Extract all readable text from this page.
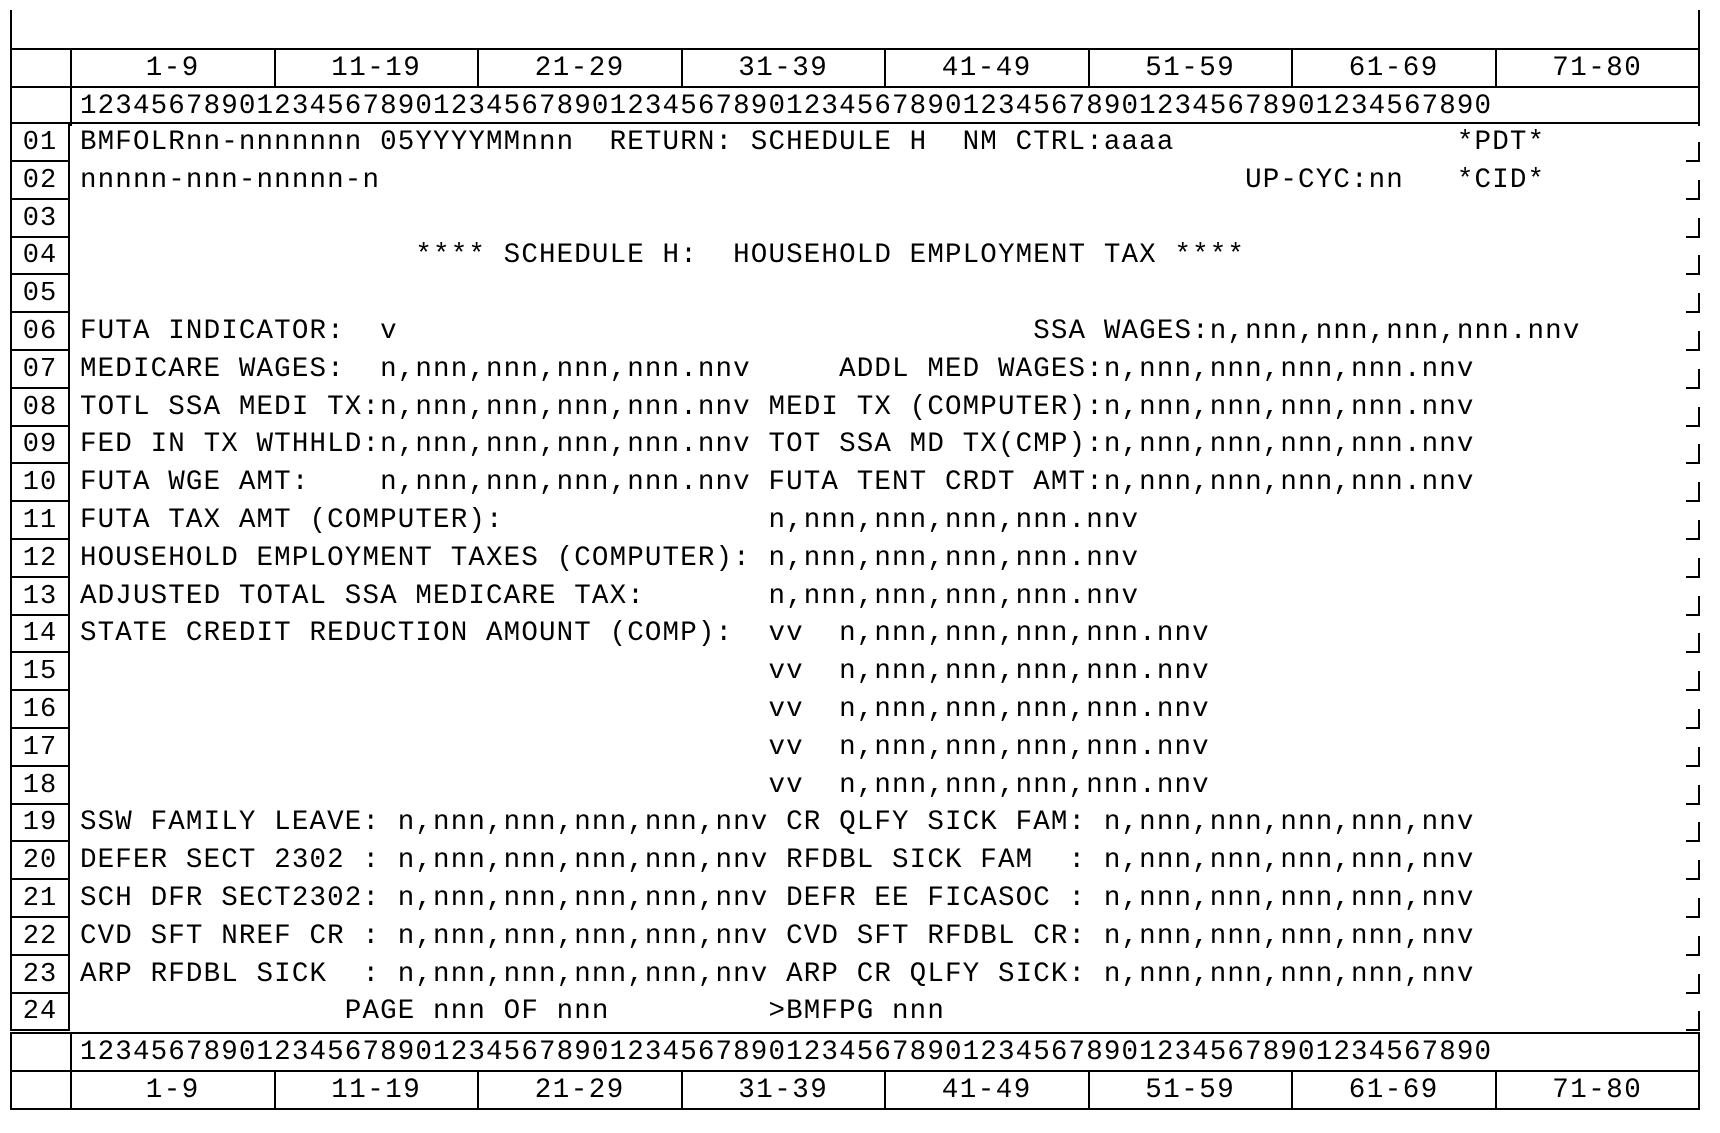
1-9	11-19	21-29	31-39	41-49	51-59	61-69	71-80
12345678901234567890123456789012345678901234567890123456789012345678901234567890
01 BMFOLRnn-nnnnnnn 05YYYYMMnnn  RETURN: SCHEDULE H  NM CTRL:aaaa                *PDT*
02 nnnnn-nnn-nnnnn-n                                                 UP-CYC:nn   *CID*
03
04 **** SCHEDULE H:  HOUSEHOLD EMPLOYMENT TAX ****
05
06 FUTA INDICATOR:  v                                    SSA WAGES:n,nnn,nnn,nnn,nnn.nnv
07 MEDICARE WAGES:  n,nnn,nnn,nnn,nnn.nnv     ADDL MED WAGES:n,nnn,nnn,nnn,nnn.nnv
08 TOTL SSA MEDI TX:n,nnn,nnn,nnn,nnn.nnv MEDI TX (COMPUTER):n,nnn,nnn,nnn,nnn.nnv
09 FED IN TX WTHHLD:n,nnn,nnn,nnn,nnn.nnv TOT SSA MD TX(CMP):n,nnn,nnn,nnn,nnn.nnv
10 FUTA WGE AMT:    n,nnn,nnn,nnn,nnn.nnv FUTA TENT CRDT AMT:n,nnn,nnn,nnn,nnn.nnv
11 FUTA TAX AMT (COMPUTER):               n,nnn,nnn,nnn,nnn.nnv
12 HOUSEHOLD EMPLOYMENT TAXES (COMPUTER): n,nnn,nnn,nnn,nnn.nnv
13 ADJUSTED TOTAL SSA MEDICARE TAX:       n,nnn,nnn,nnn,nnn.nnv
14 STATE CREDIT REDUCTION AMOUNT (COMP):  vv  n,nnn,nnn,nnn,nnn.nnv
15 vv  n,nnn,nnn,nnn,nnn.nnv
16 vv  n,nnn,nnn,nnn,nnn.nnv
17 vv  n,nnn,nnn,nnn,nnn.nnv
18 vv  n,nnn,nnn,nnn,nnn.nnv
19 SSW FAMILY LEAVE: n,nnn,nnn,nnn,nnn,nnv CR QLFY SICK FAM: n,nnn,nnn,nnn,nnn,nnv
20 DEFER SECT 2302 : n,nnn,nnn,nnn,nnn,nnv RFDBL SICK FAM  : n,nnn,nnn,nnn,nnn,nnv
21 SCH DFR SECT2302: n,nnn,nnn,nnn,nnn,nnv DEFR EE FICASOC : n,nnn,nnn,nnn,nnn,nnv
22 CVD SFT NREF CR : n,nnn,nnn,nnn,nnn,nnv CVD SFT RFDBL CR: n,nnn,nnn,nnn,nnn,nnv
23 ARP RFDBL SICK  : n,nnn,nnn,nnn,nnn,nnv ARP CR QLFY SICK: n,nnn,nnn,nnn,nnn,nnv
24 PAGE nnn OF nnn         >BMFPG nnn
12345678901234567890123456789012345678901234567890123456789012345678901234567890
1-9	11-19	21-29	31-39	41-49	51-59	61-69	71-80
